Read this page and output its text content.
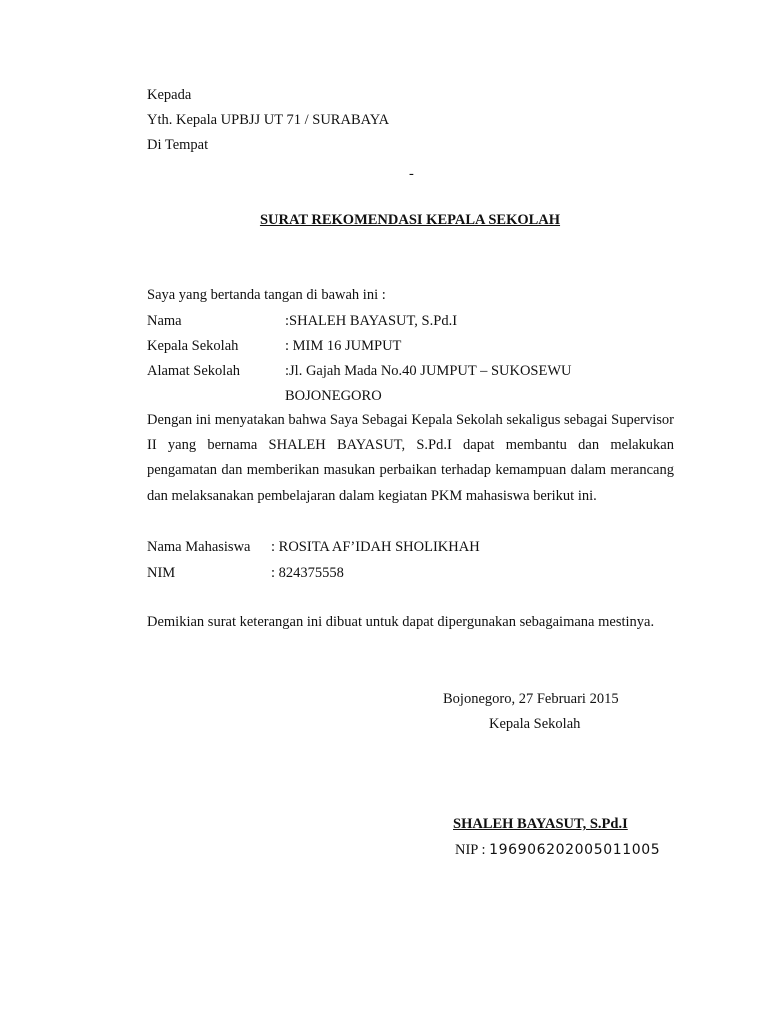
Kepada
Yth. Kepala UPBJJ UT 71 / SURABAYA
Di Tempat
-
SURAT REKOMENDASI KEPALA SEKOLAH
Saya yang bertanda tangan di bawah ini :
Nama	:SHALEH BAYASUT, S.Pd.I
Kepala Sekolah	: MIM 16 JUMPUT
Alamat Sekolah	:Jl. Gajah Mada No.40 JUMPUT – SUKOSEWU
BOJONEGORO
Dengan ini menyatakan bahwa Saya Sebagai Kepala Sekolah sekaligus sebagai Supervisor II yang bernama SHALEH BAYASUT, S.Pd.I dapat membantu dan melakukan pengamatan dan memberikan masukan perbaikan terhadap kemampuan dalam merancang dan melaksanakan pembelajaran dalam kegiatan PKM mahasiswa berikut ini.
Nama Mahasiswa : ROSITA AF’IDAH SHOLIKHAH
NIM	: 824375558
Demikian surat keterangan ini dibuat untuk dapat dipergunakan sebagaimana mestinya.
Bojonegoro, 27 Februari 2015
Kepala Sekolah
SHALEH BAYASUT, S.Pd.I
NIP : 196906202005011005
